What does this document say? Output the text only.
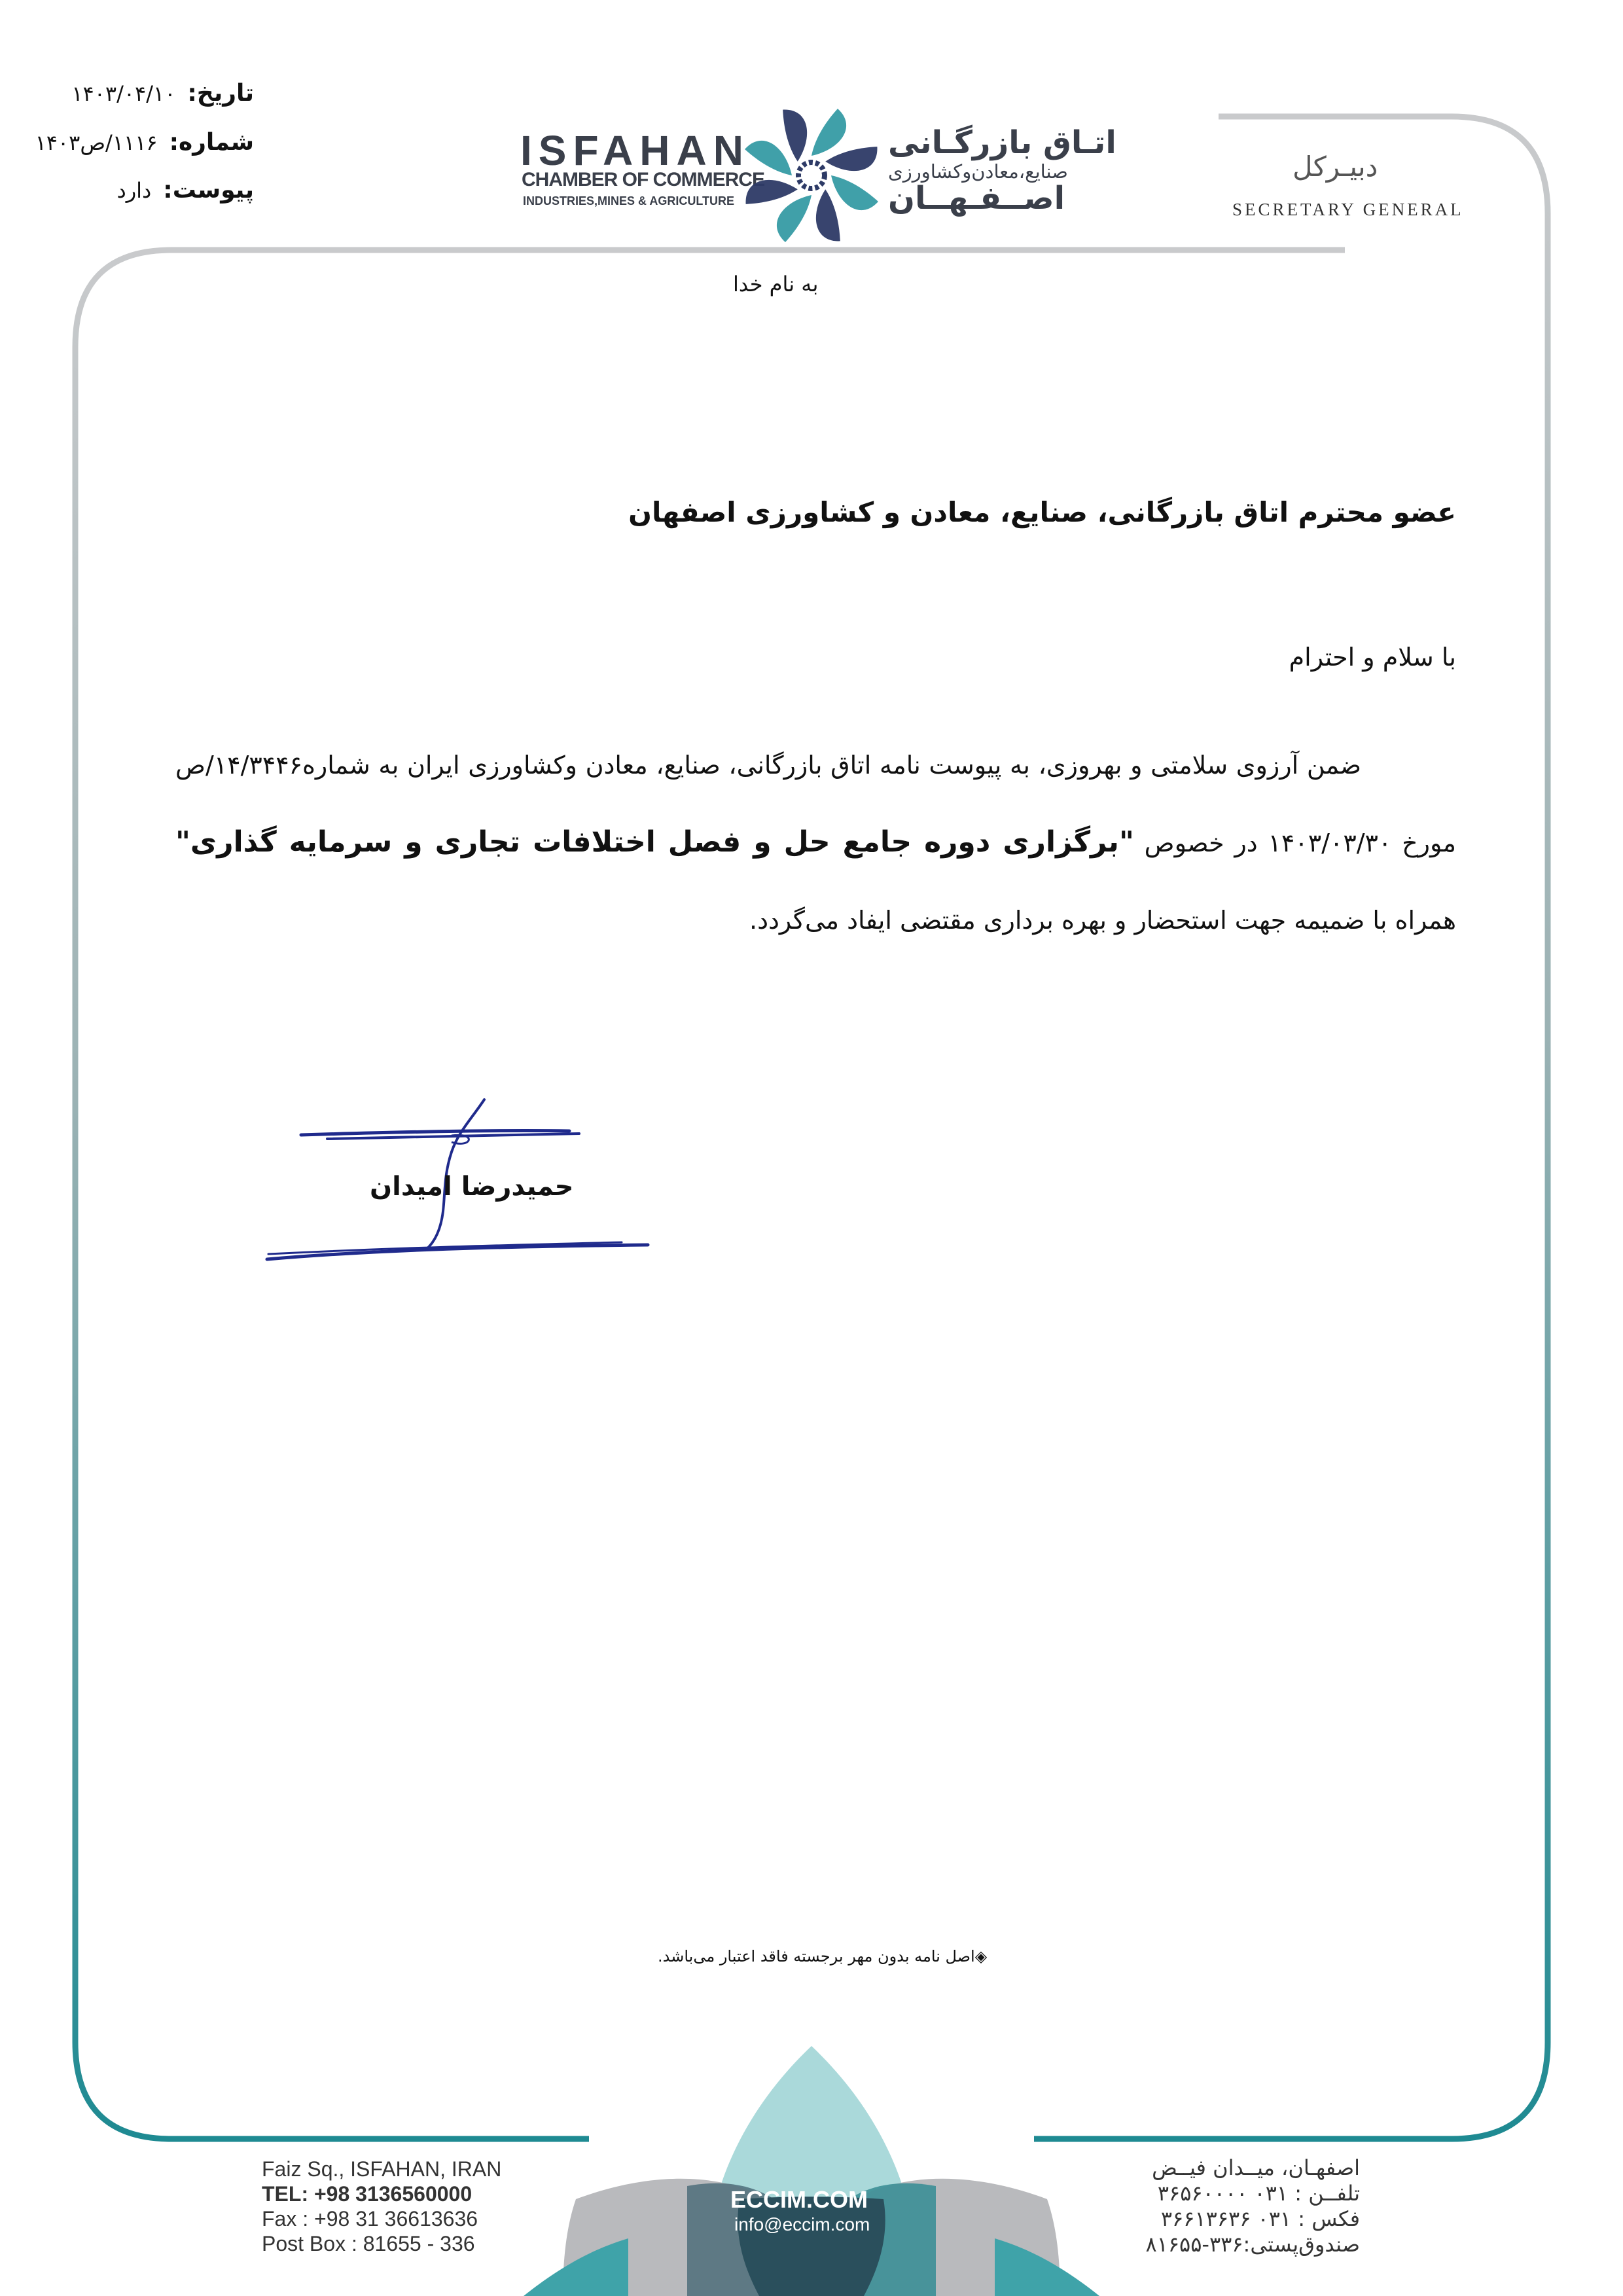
تاریخ:۱۴۰۳/۰۴/۱۰
شماره:۱۱۱۶/ص۱۴۰۳
پیوست:دارد
ISFAHAN
CHAMBER OF COMMERCE
INDUSTRIES,MINES & AGRICULTURE
اتـاق بازرگـانی
صنایع،معادن‌وکشاورزی
اصــفـهــان
دبیـرکل
SECRETARY GENERAL
به نام خدا
عضو محترم اتاق بازرگانی، صنایع، معادن و کشاورزی اصفهان
با سلام و احترام
ضمن آرزوی سلامتی و بهروزی، به پیوست نامه اتاق بازرگانی، صنایع، معادن وکشاورزی ایران به شماره۱۴/۳۴۴۶/ص مورخ ۱۴۰۳/۰۳/۳۰ در خصوص "برگزاری دوره جامع حل و فصل اختلافات تجاری و سرمایه گذاری" همراه با ضمیمه جهت استحضار و بهره برداری مقتضی ایفاد می‌گردد.
حمیدرضا امیدان
◈اصل نامه بدون مهر برجسته فاقد اعتبار می‌باشد.
ECCIM.COM
info@eccim.com
Faiz Sq., ISFAHAN, IRAN
TEL: +98 3136560000
Fax : +98 31 36613636
Post Box : 81655 - 336
اصفهـان، میــدان فیــض
تلفــن : ۰۳۱ ۳۶۵۶۰۰۰۰
فکس : ۰۳۱ ۳۶۶۱۳۶۳۶
صندوق‌پستی:۳۳۶-۸۱۶۵۵
